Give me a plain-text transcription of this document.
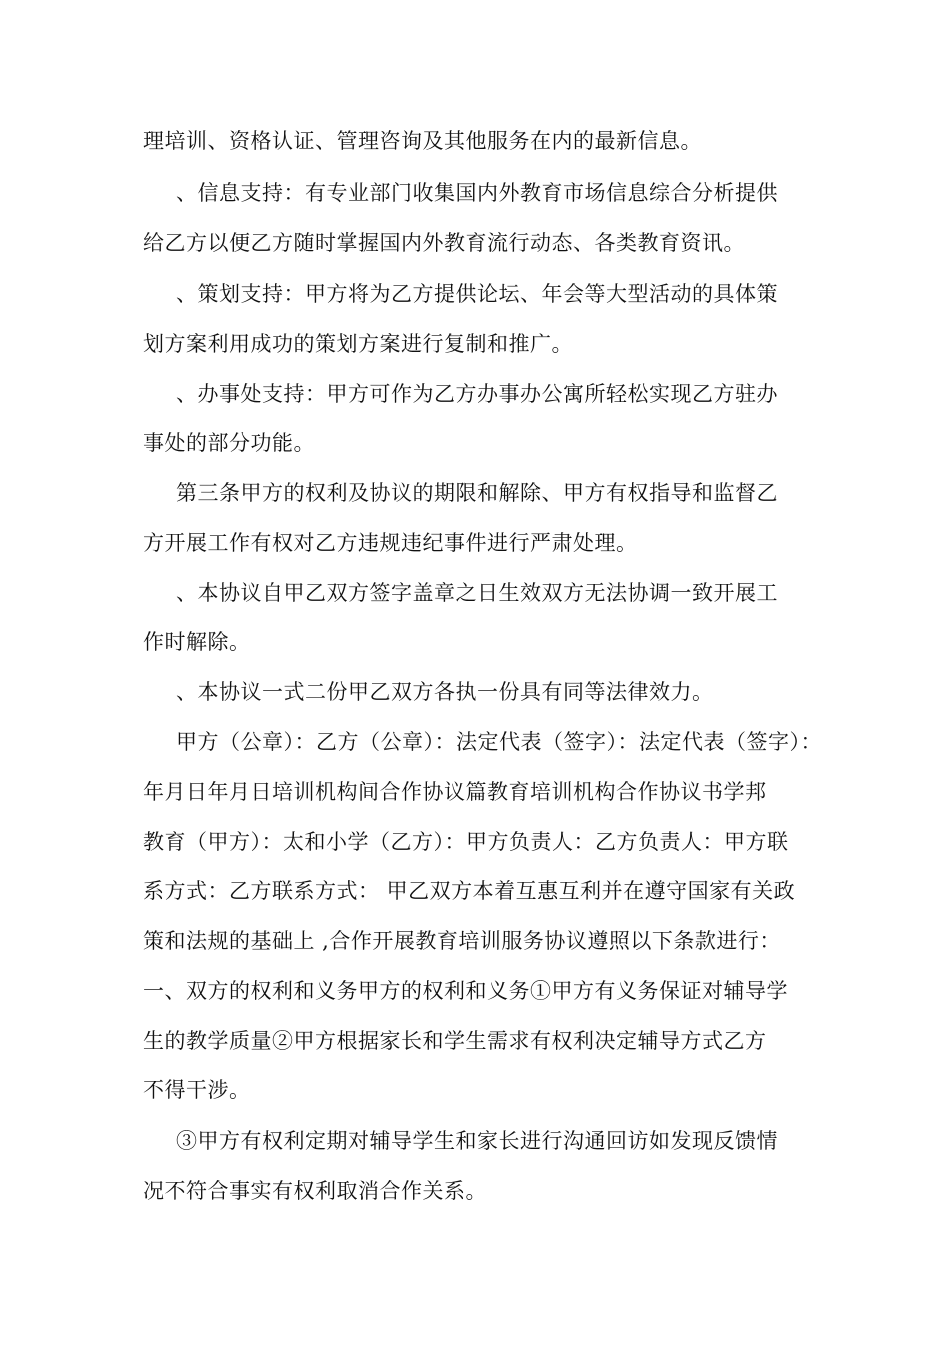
理培训、资格认证、管理咨询及其他服务在内的最新信息。
、信息支持：有专业部门收集国内外教育市场信息综合分析提供
给乙方以便乙方随时掌握国内外教育流行动态、各类教育资讯。
、策划支持：甲方将为乙方提供论坛、年会等大型活动的具体策
划方案利用成功的策划方案进行复制和推广。
、办事处支持：甲方可作为乙方办事办公寓所轻松实现乙方驻办
事处的部分功能。
第三条甲方的权利及协议的期限和解除、甲方有权指导和监督乙
方开展工作有权对乙方违规违纪事件进行严肃处理。
、本协议自甲乙双方签字盖章之日生效双方无法协调一致开展工
作时解除。
、本协议一式二份甲乙双方各执一份具有同等法律效力。
甲方（公章）：乙方（公章）：法定代表（签字）：法定代表（签字）：
年月日年月日培训机构间合作协议篇教育培训机构合作协议书学邦
教育（甲方）：太和小学（乙方）：甲方负责人：乙方负责人：甲方联
系方式：乙方联系方式： 甲乙双方本着互惠互利并在遵守国家有关政
策和法规的基础上 ,合作开展教育培训服务协议遵照以下条款进行：
一、双方的权利和义务甲方的权利和义务①甲方有义务保证对辅导学
生的教学质量②甲方根据家长和学生需求有权利决定辅导方式乙方
不得干涉。
③甲方有权利定期对辅导学生和家长进行沟通回访如发现反馈情
况不符合事实有权利取消合作关系。
